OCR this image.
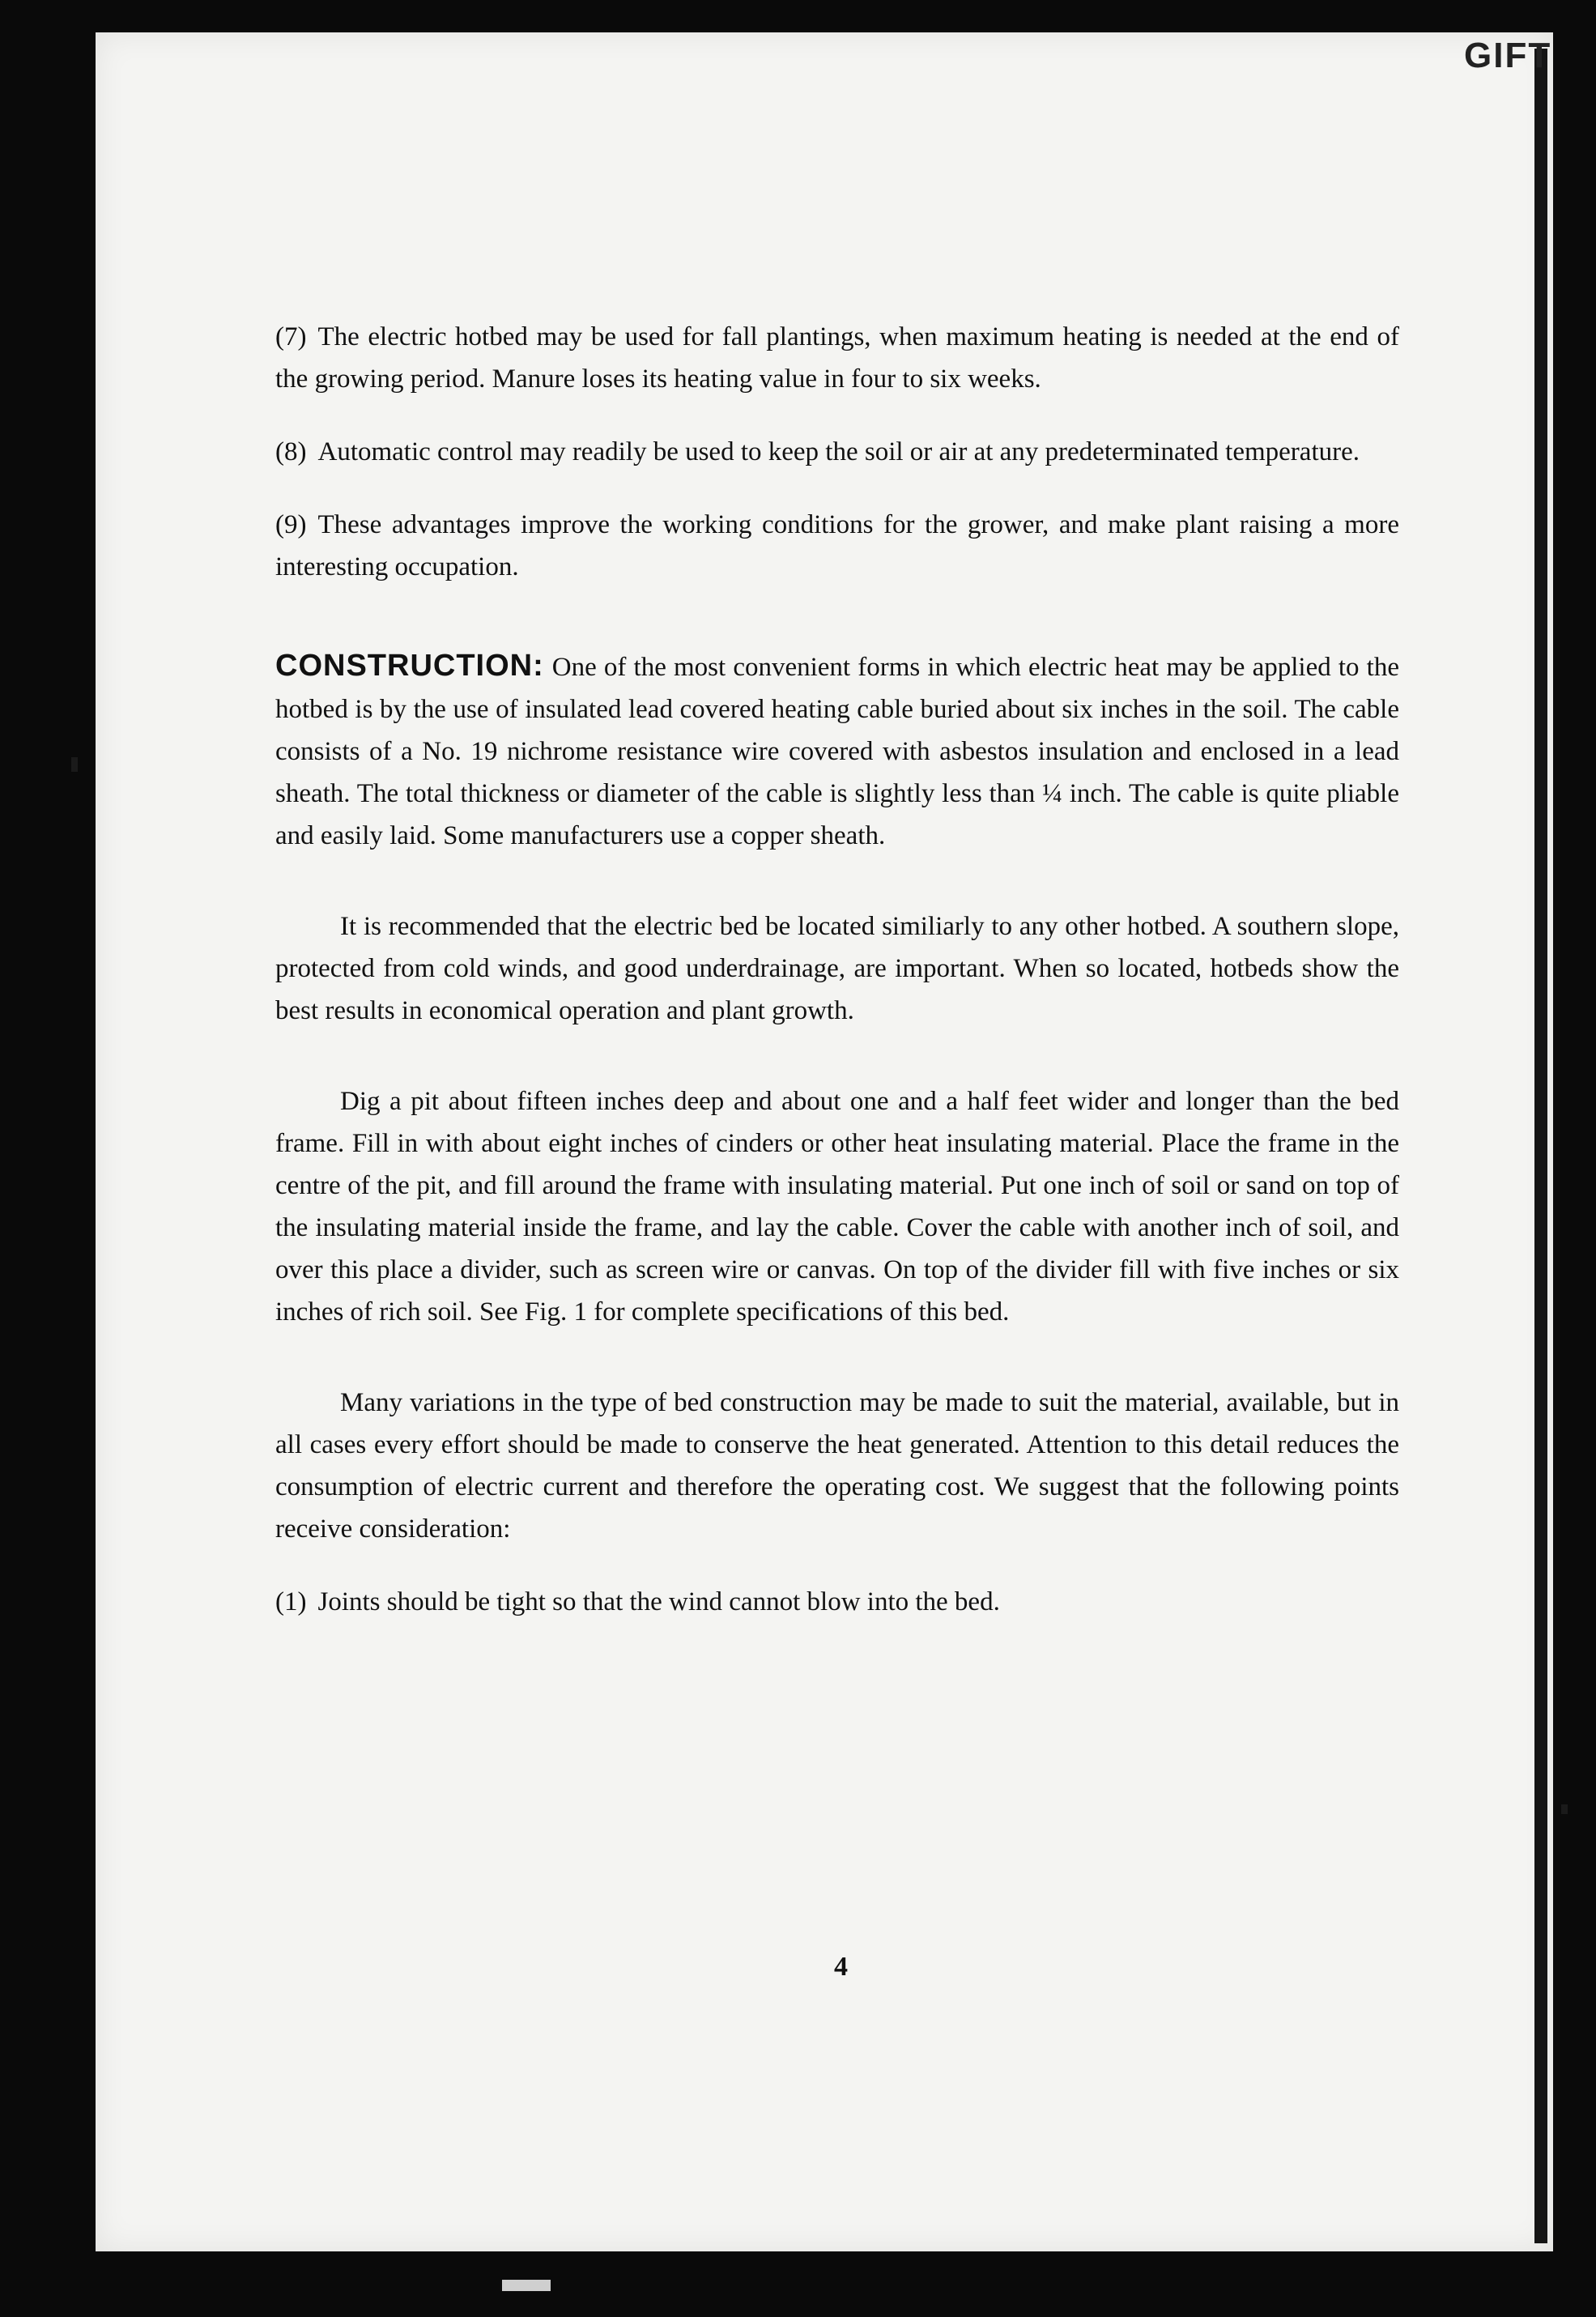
GIFT

(7) The electric hotbed may be used for fall plantings, when maximum heating is needed at the end of the growing period. Manure loses its heating value in four to six weeks.

(8) Automatic control may readily be used to keep the soil or air at any predeterminated temperature.

(9) These advantages improve the working conditions for the grower, and make plant raising a more interesting occupation.

CONSTRUCTION: One of the most convenient forms in which electric heat may be applied to the hotbed is by the use of insulated lead covered heating cable buried about six inches in the soil. The cable consists of a No. 19 nichrome resistance wire covered with asbestos insulation and enclosed in a lead sheath. The total thickness or diameter of the cable is slightly less than ¼ inch. The cable is quite pliable and easily laid. Some manufacturers use a copper sheath.

It is recommended that the electric bed be located similiarly to any other hotbed. A southern slope, protected from cold winds, and good underdrainage, are important. When so located, hotbeds show the best results in economical operation and plant growth.

Dig a pit about fifteen inches deep and about one and a half feet wider and longer than the bed frame. Fill in with about eight inches of cinders or other heat insulating material. Place the frame in the centre of the pit, and fill around the frame with insulating material. Put one inch of soil or sand on top of the insulating material inside the frame, and lay the cable. Cover the cable with another inch of soil, and over this place a divider, such as screen wire or canvas. On top of the divider fill with five inches or six inches of rich soil. See Fig. 1 for complete specifications of this bed.

Many variations in the type of bed construction may be made to suit the material, available, but in all cases every effort should be made to conserve the heat generated. Attention to this detail reduces the consumption of electric current and therefore the operating cost. We suggest that the following points receive consideration:

(1) Joints should be tight so that the wind cannot blow into the bed.

4
